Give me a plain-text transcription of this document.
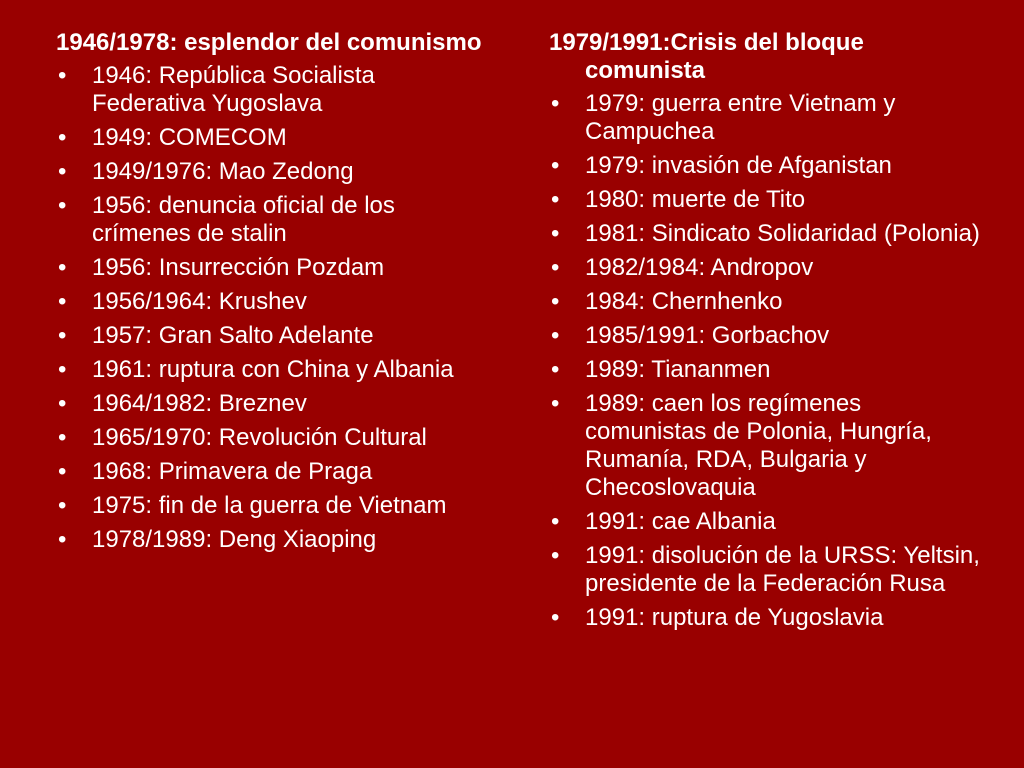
1946/1978: esplendor del comunismo
• 1946: República Socialista Federativa Yugoslava
• 1949: COMECOM
• 1949/1976: Mao Zedong
• 1956: denuncia oficial de los crímenes de stalin
• 1956: Insurrección Pozdam
• 1956/1964: Krushev
• 1957: Gran Salto Adelante
• 1961: ruptura con China y Albania
• 1964/1982: Breznev
• 1965/1970: Revolución Cultural
• 1968: Primavera de Praga
• 1975: fin de la guerra de Vietnam
• 1978/1989: Deng Xiaoping
1979/1991:Crisis del bloque comunista
• 1979: guerra entre Vietnam y Campuchea
• 1979: invasión de Afganistan
• 1980: muerte de Tito
• 1981: Sindicato Solidaridad (Polonia)
• 1982/1984: Andropov
• 1984: Chernhenko
• 1985/1991: Gorbachov
• 1989: Tiananmen
• 1989: caen los regímenes comunistas de Polonia, Hungría, Rumanía, RDA, Bulgaria y Checoslovaquia
• 1991: cae Albania
• 1991: disolución de la URSS: Yeltsin, presidente de la Federación Rusa
• 1991: ruptura de Yugoslavia
